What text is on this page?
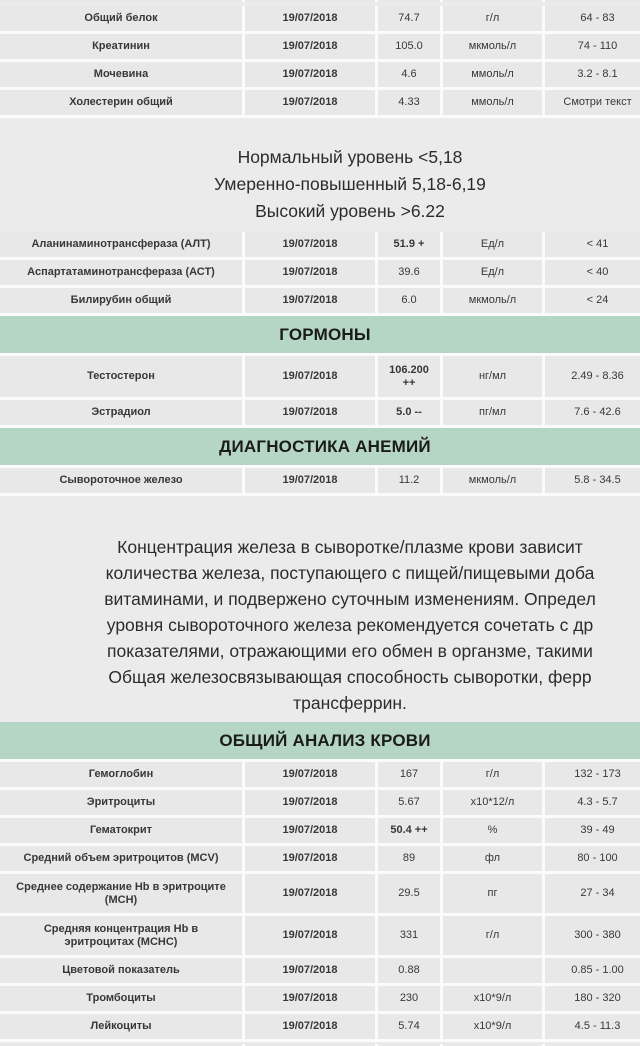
Общий белок	19/07/2018	74.7	г/л	64 - 83
Креатинин	19/07/2018	105.0	мкмоль/л	74 - 110
Мочевина	19/07/2018	4.6	ммоль/л	3.2 - 8.1
Холестерин общий	19/07/2018	4.33	ммоль/л	Смотри текст
Нормальный уровень <5,18
Умеренно-повышенный 5,18-6,19
Высокий уровень >6.22
Аланинаминотрансфераза (АЛТ)	19/07/2018	51.9 +	Ед/л	< 41
Аспартатаминотрансфераза (АСТ)	19/07/2018	39.6	Ед/л	< 40
Билирубин общий	19/07/2018	6.0	мкмоль/л	< 24
ГОРМОНЫ
Тестостерон	19/07/2018	106.200 ++	нг/мл	2.49 - 8.36
Эстрадиол	19/07/2018	5.0 --	пг/мл	7.6 - 42.6
ДИАГНОСТИКА АНЕМИЙ
Сывороточное железо	19/07/2018	11.2	мкмоль/л	5.8 - 34.5
Концентрация железа в сыворотке/плазме крови зависит
количества железа, поступающего с пищей/пищевыми доба
витаминами, и подвержено суточным изменениям. Определ
уровня сывороточного железа рекомендуется сочетать с др
показателями, отражающими его обмен в органзме, такими
Общая железосвязывающая способность сыворотки, ферр
трансферрин.
ОБЩИЙ АНАЛИЗ КРОВИ
Гемоглобин	19/07/2018	167	г/л	132 - 173
Эритроциты	19/07/2018	5.67	х10*12/л	4.3 - 5.7
Гематокрит	19/07/2018	50.4 ++	%	39 - 49
Средний объем эритроцитов (MCV)	19/07/2018	89	фл	80 - 100
Среднее содержание Hb в эритроците (MCH)	19/07/2018	29.5	пг	27 - 34
Средняя концентрация Hb в эритроцитах (MCHC)	19/07/2018	331	г/л	300 - 380
Цветовой показатель	19/07/2018	0.88		0.85 - 1.00
Тромбоциты	19/07/2018	230	х10*9/л	180 - 320
Лейкоциты	19/07/2018	5.74	х10*9/л	4.5 - 11.3
